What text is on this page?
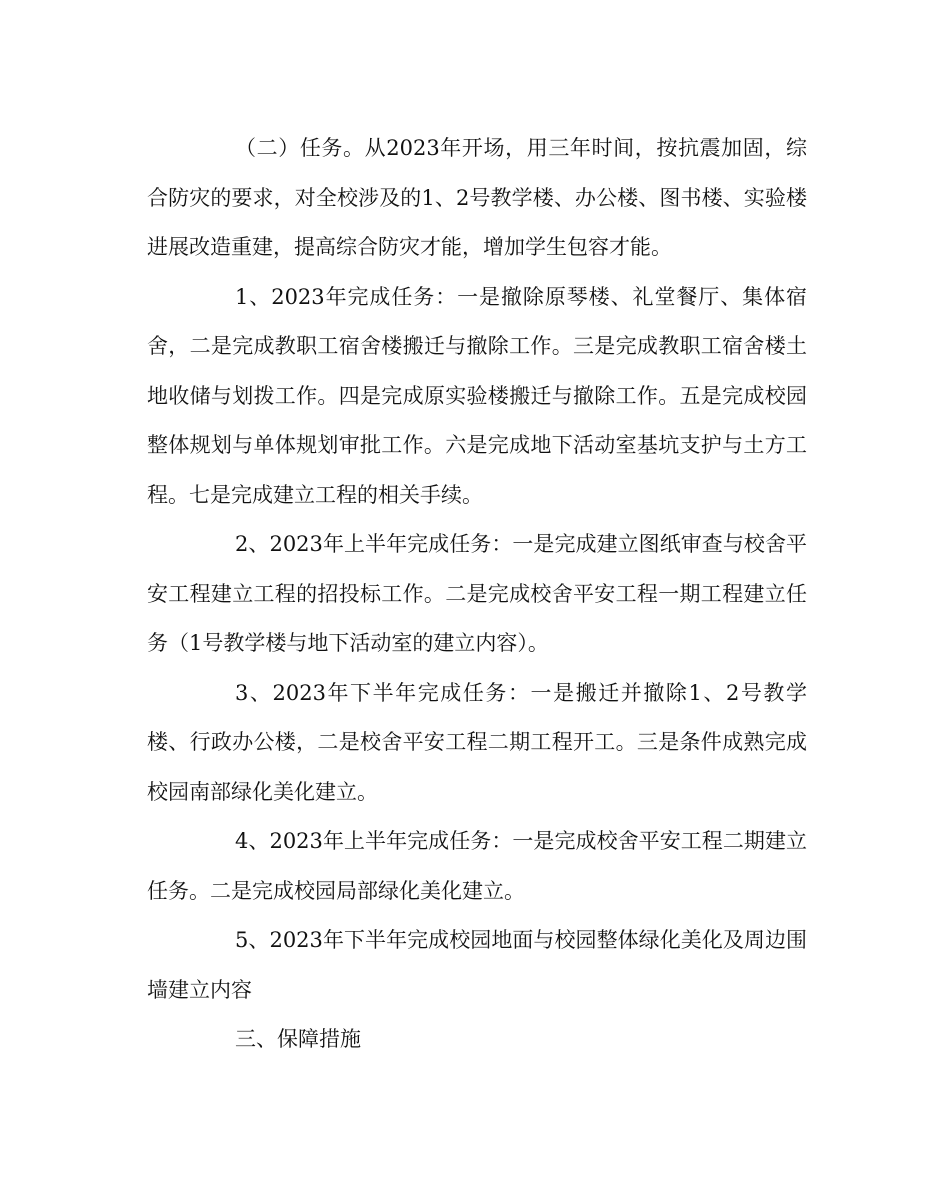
（二）任务。从2023年开场，用三年时间，按抗震加固，综合防灾的要求，对全校涉及的1、2号教学楼、办公楼、图书楼、实验楼进展改造重建，提高综合防灾才能，增加学生包容才能。

1、2023年完成任务：一是撤除原琴楼、礼堂餐厅、集体宿舍，二是完成教职工宿舍楼搬迁与撤除工作。三是完成教职工宿舍楼土地收储与划拨工作。四是完成原实验楼搬迁与撤除工作。五是完成校园整体规划与单体规划审批工作。六是完成地下活动室基坑支护与土方工程。七是完成建立工程的相关手续。

2、2023年上半年完成任务：一是完成建立图纸审查与校舍平安工程建立工程的招投标工作。二是完成校舍平安工程一期工程建立任务（1号教学楼与地下活动室的建立内容）。

3、2023年下半年完成任务：一是搬迁并撤除1、2号教学楼、行政办公楼，二是校舍平安工程二期工程开工。三是条件成熟完成校园南部绿化美化建立。

4、2023年上半年完成任务：一是完成校舍平安工程二期建立任务。二是完成校园局部绿化美化建立。

5、2023年下半年完成校园地面与校园整体绿化美化及周边围墙建立内容

三、保障措施
